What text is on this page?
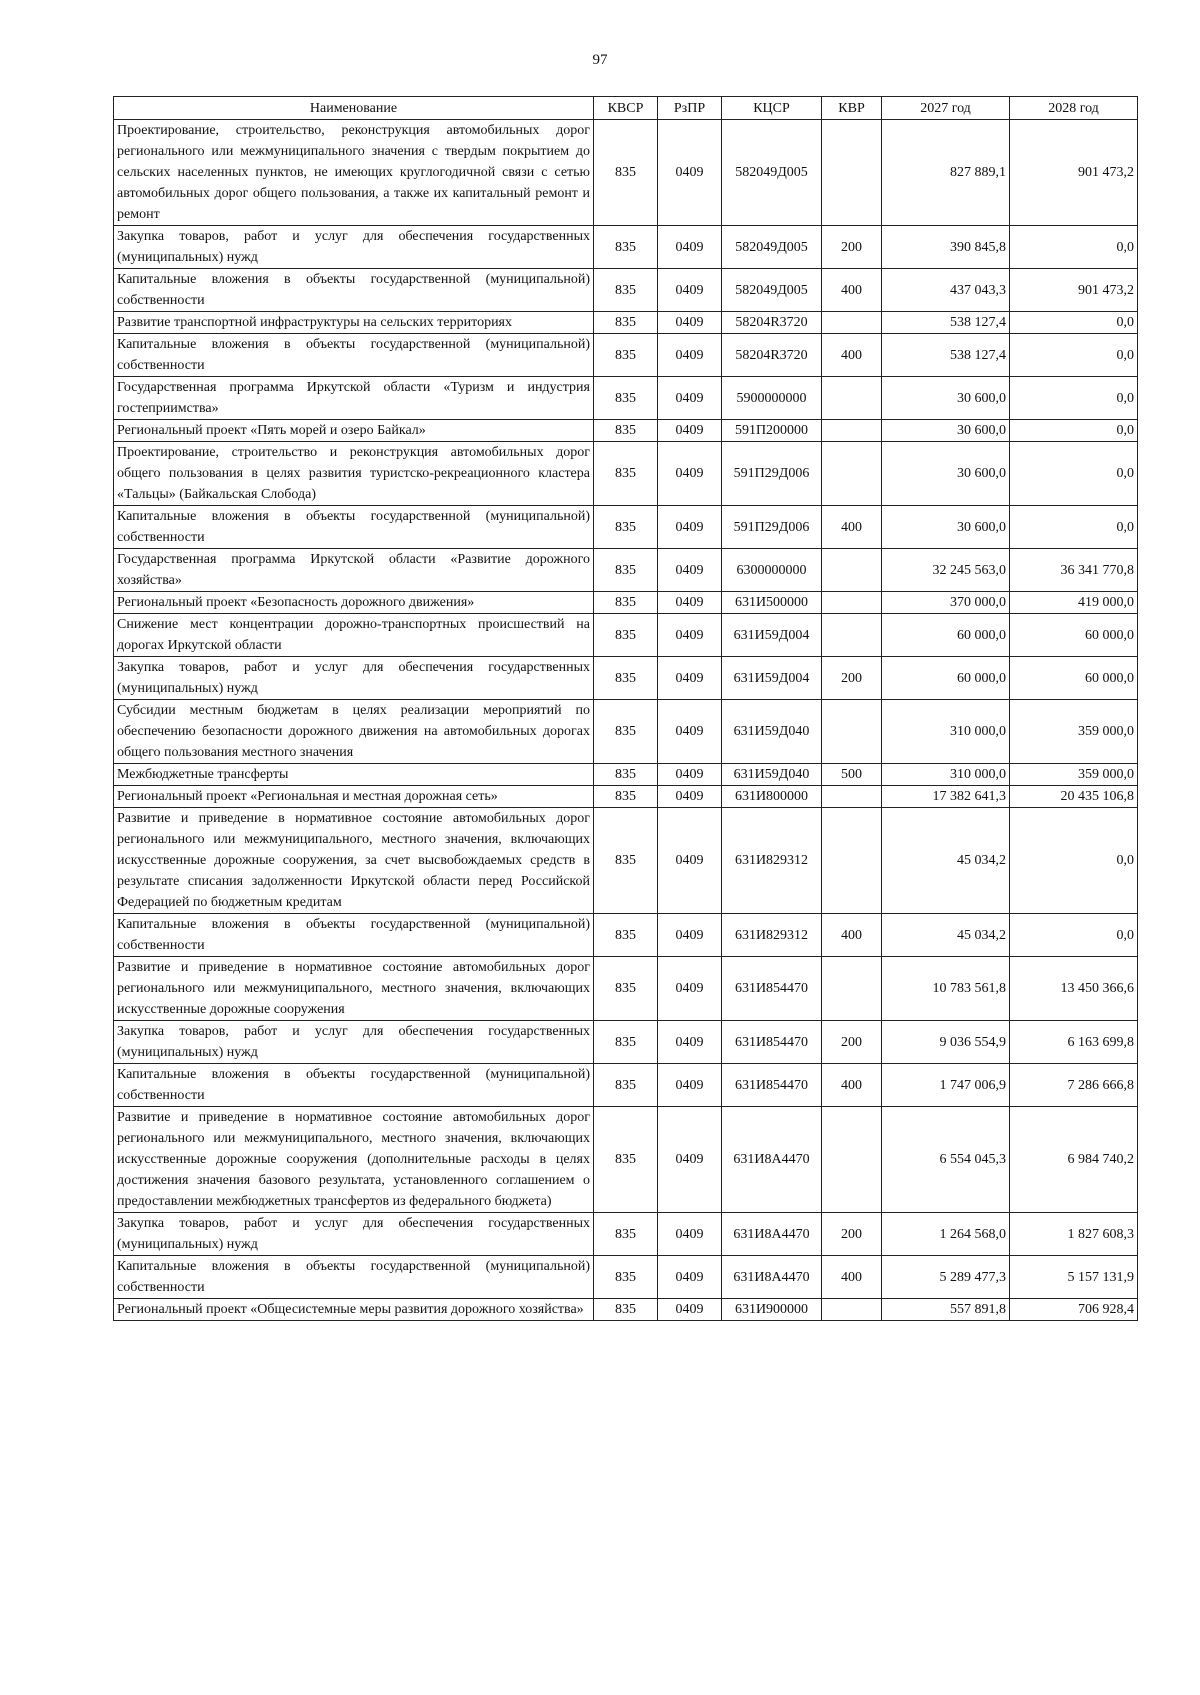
97
Наименование	КВСР	РзПР	КЦСР	КВР	2027 год	2028 год
Проектирование, строительство, реконструкция автомобильных дорог регионального или межмуниципального значения с твердым покрытием до сельских населенных пунктов, не имеющих круглогодичной связи с сетью автомобильных дорог общего пользования, а также их капитальный ремонт и ремонт	835	0409	582049Д005		827 889,1	901 473,2
Закупка товаров, работ и услуг для обеспечения государственных (муниципальных) нужд	835	0409	582049Д005	200	390 845,8	0,0
Капитальные вложения в объекты государственной (муниципальной) собственности	835	0409	582049Д005	400	437 043,3	901 473,2
Развитие транспортной инфраструктуры на сельских территориях	835	0409	58204R3720		538 127,4	0,0
Капитальные вложения в объекты государственной (муниципальной) собственности	835	0409	58204R3720	400	538 127,4	0,0
Государственная программа Иркутской области «Туризм и индустрия гостеприимства»	835	0409	5900000000		30 600,0	0,0
Региональный проект «Пять морей и озеро Байкал»	835	0409	591П200000		30 600,0	0,0
Проектирование, строительство и реконструкция автомобильных дорог общего пользования в целях развития туристско-рекреационного кластера «Тальцы» (Байкальская Слобода)	835	0409	591П29Д006		30 600,0	0,0
Капитальные вложения в объекты государственной (муниципальной) собственности	835	0409	591П29Д006	400	30 600,0	0,0
Государственная программа Иркутской области «Развитие дорожного хозяйства»	835	0409	6300000000		32 245 563,0	36 341 770,8
Региональный проект «Безопасность дорожного движения»	835	0409	631И500000		370 000,0	419 000,0
Снижение мест концентрации дорожно-транспортных происшествий на дорогах Иркутской области	835	0409	631И59Д004		60 000,0	60 000,0
Закупка товаров, работ и услуг для обеспечения государственных (муниципальных) нужд	835	0409	631И59Д004	200	60 000,0	60 000,0
Субсидии местным бюджетам в целях реализации мероприятий по обеспечению безопасности дорожного движения на автомобильных дорогах общего пользования местного значения	835	0409	631И59Д040		310 000,0	359 000,0
Межбюджетные трансферты	835	0409	631И59Д040	500	310 000,0	359 000,0
Региональный проект «Региональная и местная дорожная сеть»	835	0409	631И800000		17 382 641,3	20 435 106,8
Развитие и приведение в нормативное состояние автомобильных дорог регионального или межмуниципального, местного значения, включающих искусственные дорожные сооружения, за счет высвобождаемых средств в результате списания задолженности Иркутской области перед Российской Федерацией по бюджетным кредитам	835	0409	631И829312		45 034,2	0,0
Капитальные вложения в объекты государственной (муниципальной) собственности	835	0409	631И829312	400	45 034,2	0,0
Развитие и приведение в нормативное состояние автомобильных дорог регионального или межмуниципального, местного значения, включающих искусственные дорожные сооружения	835	0409	631И854470		10 783 561,8	13 450 366,6
Закупка товаров, работ и услуг для обеспечения государственных (муниципальных) нужд	835	0409	631И854470	200	9 036 554,9	6 163 699,8
Капитальные вложения в объекты государственной (муниципальной) собственности	835	0409	631И854470	400	1 747 006,9	7 286 666,8
Развитие и приведение в нормативное состояние автомобильных дорог регионального или межмуниципального, местного значения, включающих искусственные дорожные сооружения (дополнительные расходы в целях достижения значения базового результата, установленного соглашением о предоставлении межбюджетных трансфертов из федерального бюджета)	835	0409	631И8А4470		6 554 045,3	6 984 740,2
Закупка товаров, работ и услуг для обеспечения государственных (муниципальных) нужд	835	0409	631И8А4470	200	1 264 568,0	1 827 608,3
Капитальные вложения в объекты государственной (муниципальной) собственности	835	0409	631И8А4470	400	5 289 477,3	5 157 131,9
Региональный проект «Общесистемные меры развития дорожного хозяйства»	835	0409	631И900000		557 891,8	706 928,4
